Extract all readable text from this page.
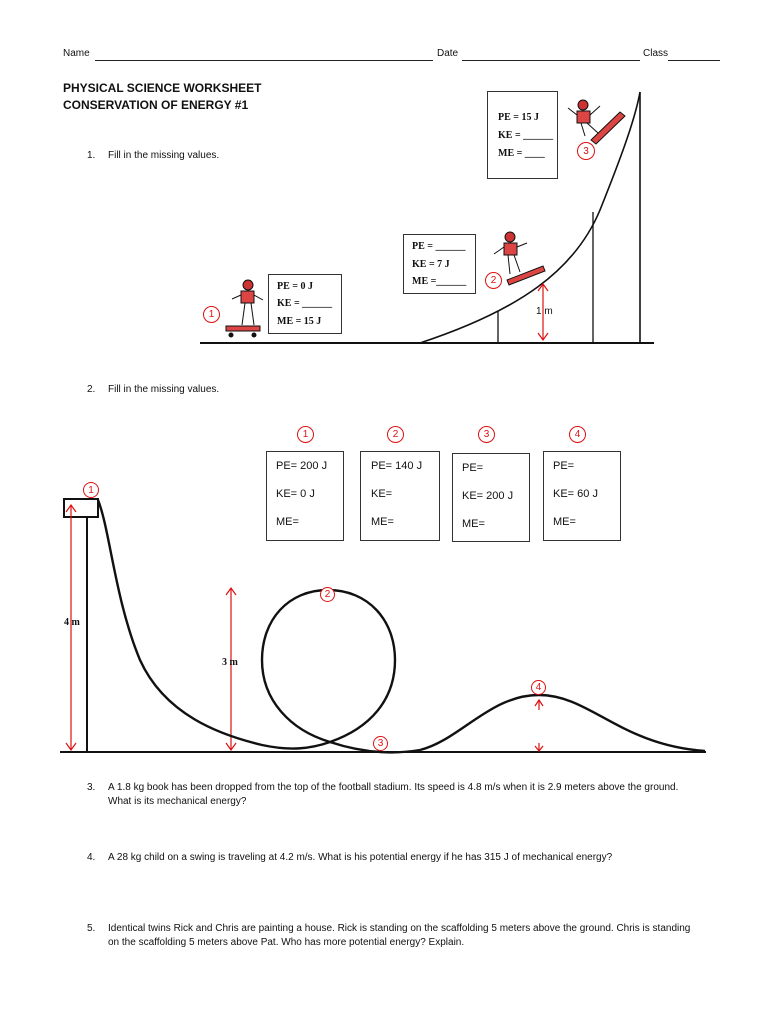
Name	Date	Class
PHYSICAL SCIENCE WORKSHEET
CONSERVATION OF ENERGY #1
1. Fill in the missing values.
1 m
PE = 0 J
KE = ______
ME = 15 J
1
PE = ______
KE = 7 J
ME =______	2
PE = 15 J
KE = ______
ME = ____	3
2. Fill in the missing values.
1	2	3	4
PE= 200 J
KE= 0 J
ME=
PE= 140 J
KE=
ME=
PE=
KE= 200 J
ME=
PE=
KE= 60 J
ME=
4 m
3 m
1
2
3
4
3. A 1.8 kg book has been dropped from the top of the football stadium. Its speed is 4.8 m/s when it is 2.9 meters above the ground.
What is its mechanical energy?
4. A 28 kg child on a swing is traveling at 4.2 m/s. What is his potential energy if he has 315 J of mechanical energy?
5. Identical twins Rick and Chris are painting a house. Rick is standing on the scaffolding 5 meters above the ground. Chris is standing
on the scaffolding 5 meters above Pat. Who has more potential energy? Explain.
